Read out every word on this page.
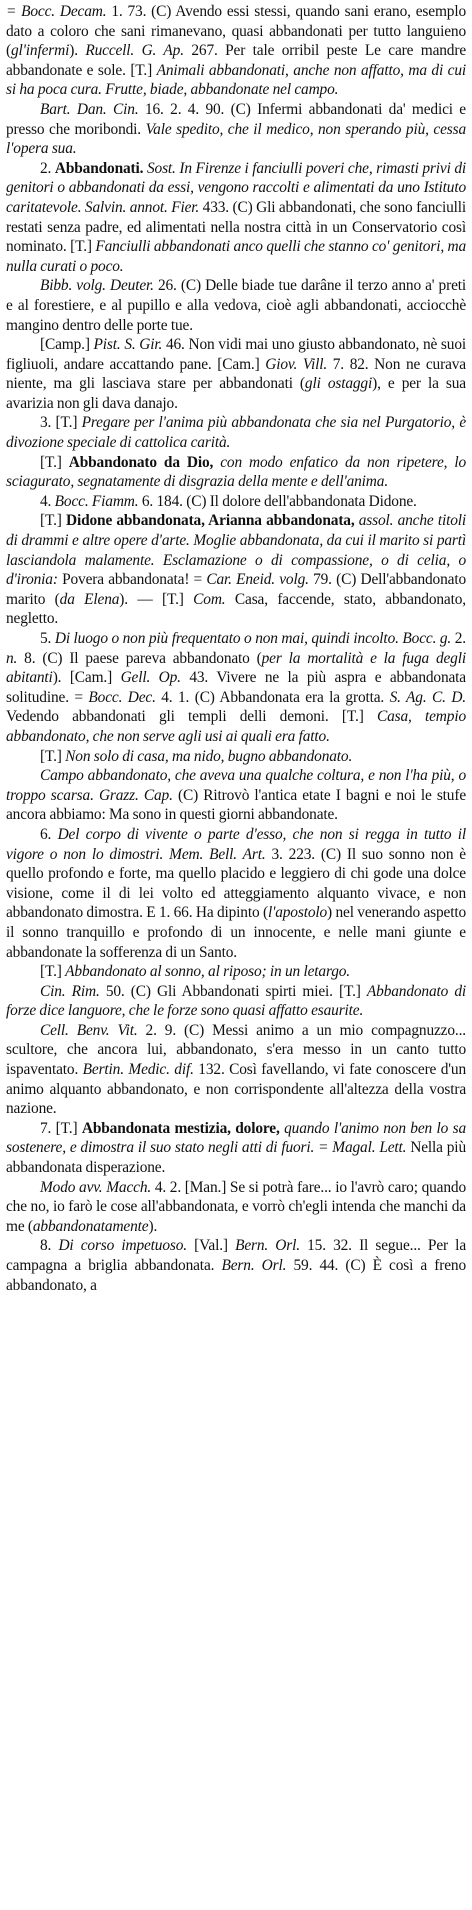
= Bocc. Decam. 1. 73. (C) Avendo essi stessi, quando sani erano, esemplo dato a coloro che sani rimanevano, quasi abbandonati per tutto languieno (gl'infermi). Ruccell. G. Ap. 267. Per tale orribil peste Le care mandre abbandonate e sole. [T.] Animali abbandonati, anche non affatto, ma di cui si ha poca cura. Frutte, biade, abbandonate nel campo.

Bart. Dan. Cin. 16. 2. 4. 90. (C) Infermi abbandonati da' medici e presso che moribondi. Vale spedito, che il medico, non sperando più, cessa l'opera sua.

2. Abbandonati. Sost. In Firenze i fanciulli poveri che, rimasti privi di genitori o abbandonati da essi, vengono raccolti e alimentati da uno Istituto caritatevole. Salvin. annot. Fier. 433. (C) Gli abbandonati, che sono fanciulli restati senza padre, ed alimentati nella nostra città in un Conservatorio così nominato. [T.] Fanciulli abbandonati anco quelli che stanno co' genitori, ma nulla curati o poco.

Bibb. volg. Deuter. 26. (C) Delle biade tue darâne il terzo anno a' preti e al forestiere, e al pupillo e alla vedova, cioè agli abbandonati, acciocchè mangino dentro delle porte tue.

[Camp.] Pist. S. Gir. 46. Non vidi mai uno giusto abbandonato, nè suoi figliuoli, andare accattando pane. [Cam.] Giov. Vill. 7. 82. Non ne curava niente, ma gli lasciava stare per abbandonati (gli ostaggi), e per la sua avarizia non gli dava danajo.

3. [T.] Pregare per l'anima più abbandonata che sia nel Purgatorio, è divozione speciale di cattolica carità.

[T.] Abbandonato da Dio, con modo enfatico da non ripetere, lo sciagurato, segnatamente di disgrazia della mente e dell'anima.

4. Bocc. Fiamm. 6. 184. (C) Il dolore dell'abbandonata Didone.

[T.] Didone abbandonata, Arianna abbandonata, assol. anche titoli di drammi e altre opere d'arte. Moglie abbandonata, da cui il marito si partì lasciandola malamente. Esclamazione o di compassione, o di celia, o d'ironia: Povera abbandonata! = Car. Eneid. volg. 79. (C) Dell'abbandonato marito (da Elena). — [T.] Com. Casa, faccende, stato, abbandonato, negletto.

5. Di luogo o non più frequentato o non mai, quindi incolto. Bocc. g. 2. n. 8. (C) Il paese pareva abbandonato (per la mortalità e la fuga degli abitanti). [Cam.] Gell. Op. 43. Vivere ne la più aspra e abbandonata solitudine. = Bocc. Dec. 4. 1. (C) Abbandonata era la grotta. S. Ag. C. D. Vedendo abbandonati gli templi delli demoni. [T.] Casa, tempio abbandonato, che non serve agli usi ai quali era fatto.

[T.] Non solo di casa, ma nido, bugno abbandonato.

Campo abbandonato, che aveva una qualche coltura, e non l'ha più, o troppo scarsa. Grazz. Cap. (C) Ritrovò l'antica etate I bagni e noi le stufe ancora abbiamo: Ma sono in questi giorni abbandonate.

6. Del corpo di vivente o parte d'esso, che non si regga in tutto il vigore o non lo dimostri. Mem. Bell. Art. 3. 223. (C) Il suo sonno non è quello profondo e forte, ma quello placido e leggiero di chi gode una dolce visione, come il di lei volto ed atteggiamento alquanto vivace, e non abbandonato dimostra. E 1. 66. Ha dipinto (l'apostolo) nel venerando aspetto il sonno tranquillo e profondo di un innocente, e nelle mani giunte e abbandonate la sofferenza di un Santo.

[T.] Abbandonato al sonno, al riposo; in un letargo.

Cin. Rim. 50. (C) Gli Abbandonati spirti miei. [T.] Abbandonato di forze dice languore, che le forze sono quasi affatto esaurite.

Cell. Benv. Vit. 2. 9. (C) Messi animo a un mio compagnuzzo... scultore, che ancora lui, abbandonato, s'era messo in un canto tutto ispaventato. Bertin. Medic. dif. 132. Così favellando, vi fate conoscere d'un animo alquanto abbandonato, e non corrispondente all'altezza della vostra nazione.

7. [T.] Abbandonata mestizia, dolore, quando l'animo non ben lo sa sostenere, e dimostra il suo stato negli atti di fuori. = Magal. Lett. Nella più abbandonata disperazione.

Modo avv. Macch. 4. 2. [Man.] Se si potrà fare... io l'avrò caro; quando che no, io farò le cose all'abbandonata, e vorrò ch'egli intenda che manchi da me (abbandonatamente).

8. Di corso impetuoso. [Val.] Bern. Orl. 15. 32. Il segue... Per la campagna a briglia abbandonata. Bern. Orl. 59. 44. (C) È così a freno abbandonato, a
